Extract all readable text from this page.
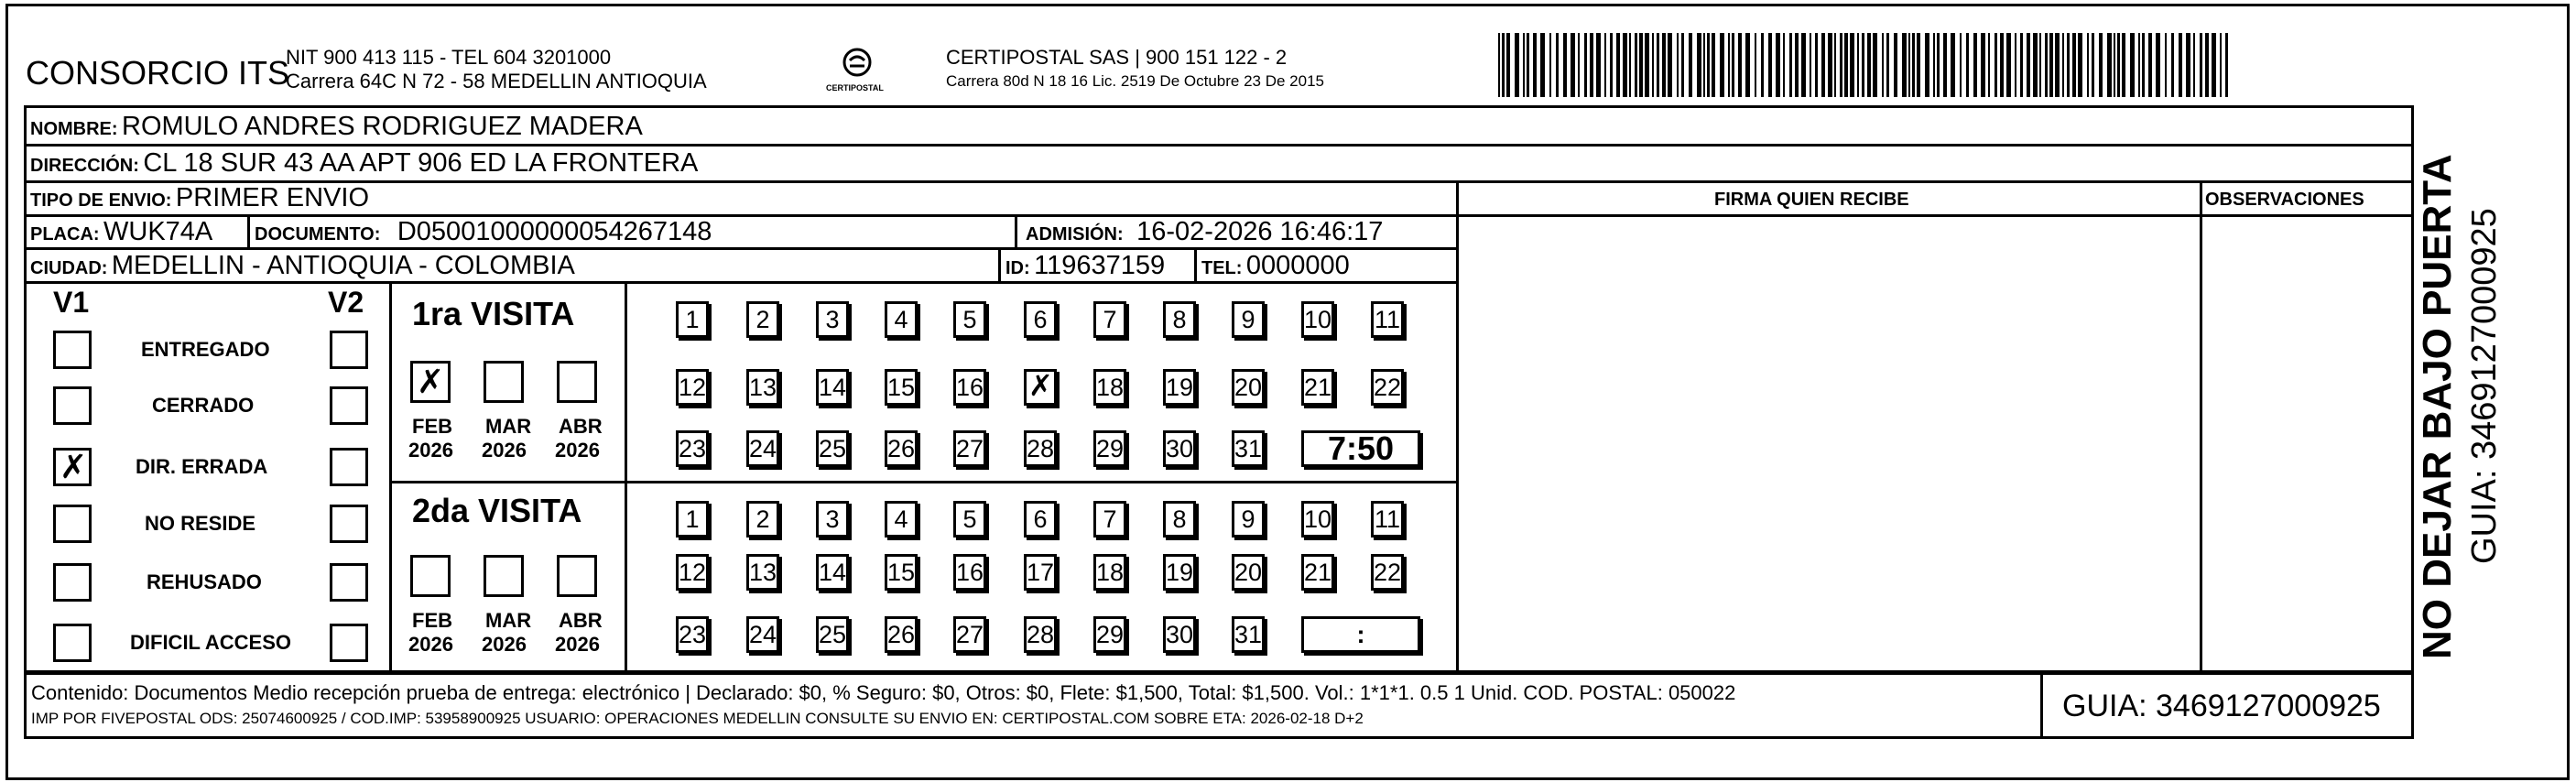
CONSORCIO ITS
NIT 900 413 115 - TEL 604 3201000
Carrera 64C N 72 - 58 MEDELLIN ANTIOQUIA	CERTIPOSTAL
CERTIPOSTAL SAS | 900 151 122 - 2
Carrera 80d N 18 16 Lic. 2519 De Octubre 23 De 2015
NOMBRE: ROMULO ANDRES RODRIGUEZ MADERA
DIRECCIÓN: CL 18 SUR 43 AA APT 906 ED LA FRONTERA
TIPO DE ENVIO: PRIMER ENVIO	FIRMA QUIEN RECIBE	OBSERVACIONES
PLACA: WUK74A DOCUMENTO: D05001000000054267148	ADMISIÓN: 16-02-2026 16:46:17
CIUDAD: MEDELLIN - ANTIOQUIA - COLOMBIA	ID: 119637159 TEL: 0000000
V1	V2
ENTREGADO
CERRADO
✗ DIR. ERRADA
NO RESIDE
REHUSADO
DIFICIL ACCESO
1ra VISITA
2da VISITA
✗
FEB
2026
MAR
2026
ABR
2026
FEB
2026
MAR
2026
ABR
2026
1	2	3	4	5	6	7	8	9	10 11
12 13 14 15 16 ✗ 18 19 20 21 22
23 24 25 26 27 28 29 30 31	7:50
1	2	3	4	5	6	7	8	9	10 11
12 13 14 15 16 17 18 19 20 21 22
23 24 25 26 27 28 29 30 31	:
Contenido: Documentos Medio recepción prueba de entrega: electrónico | Declarado: $0, % Seguro: $0, Otros: $0, Flete: $1,500, Total: $1,500. Vol.: 1*1*1. 0.5 1 Unid. COD. POSTAL: 050022
IMP POR FIVEPOSTAL ODS: 25074600925 / COD.IMP: 53958900925 USUARIO: OPERACIONES MEDELLIN CONSULTE SU ENVIO EN: CERTIPOSTAL.COM SOBRE ETA: 2026-02-18 D+2	GUIA: 3469127000925
NO DEJAR BAJO PUERTA GUIA: 3469127000925
